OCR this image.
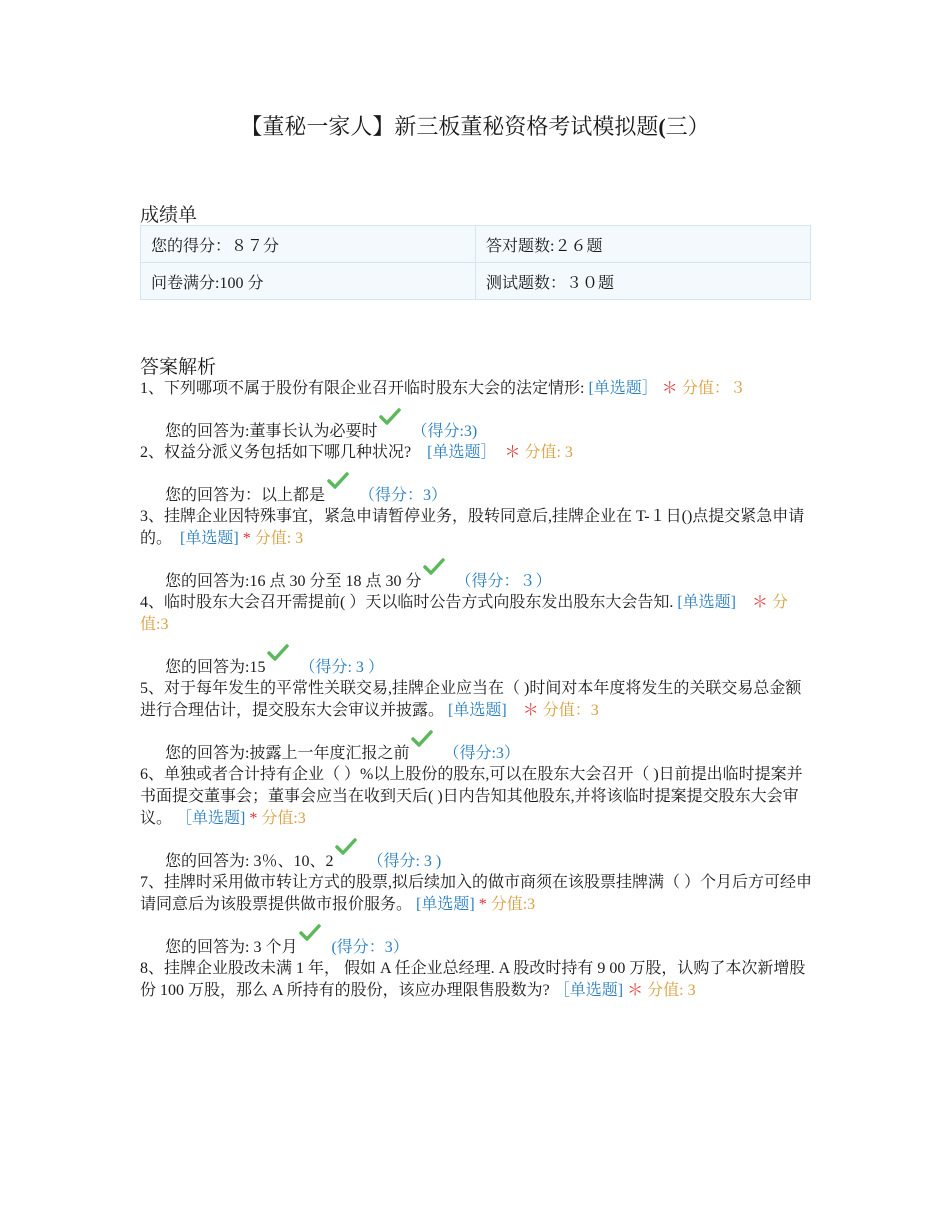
【董秘一家人】新三板董秘资格考试模拟题(三）
成绩单
您的得分：８７分	答对题数:２６题
问卷满分:100 分	测试题数：３０题
答案解析

1、下列哪项不属于股份有限企业召开临时股东大会的法定情形: [单选题］ ＊ 分值：３

您的回答为:董事长认为必要时 （得分:3)

2、权益分派义务包括如下哪几种状况?　[单选题］　＊ 分值: 3

您的回答为：以上都是 （得分：3）

3、挂牌企业因特殊事宜，紧急申请暂停业务，股转同意后,挂牌企业在 T-１日()点提交紧急申请的。　[单选题] * 分值: 3

您的回答为:16 点 30 分至 18 点 30 分 （得分：３）

4、临时股东大会召开需提前( ）天以临时公告方式向股东发出股东大会告知. [单选题]　＊ 分值:3

您的回答为:15 （得分: 3 ）

5、对于每年发生的平常性关联交易,挂牌企业应当在（ )时间对本年度将发生的关联交易总金额进行合理估计，提交股东大会审议并披露。 [单选题]　＊ 分值：3

您的回答为:披露上一年度汇报之前 （得分:3）

6、单独或者合计持有企业（ ）%以上股份的股东,可以在股东大会召开（ )日前提出临时提案并书面提交董事会；董事会应当在收到天后( )日内告知其他股东,并将该临时提案提交股东大会审议。 ［单选题] * 分值:3

您的回答为: 3％、10、2 （得分: 3 )

7、挂牌时采用做市转让方式的股票,拟后续加入的做市商须在该股票挂牌满（ ）个月后方可经申请同意后为该股票提供做市报价服务。 [单选题] * 分值:3

您的回答为: 3 个月 (得分：3）

8、挂牌企业股改未满 1 年， 假如 A 任企业总经理. A 股改时持有 9 00 万股，认购了本次新增股份 100 万股，那么 A 所持有的股份，该应办理限售股数为? ［单选题] ＊ 分值: 3
